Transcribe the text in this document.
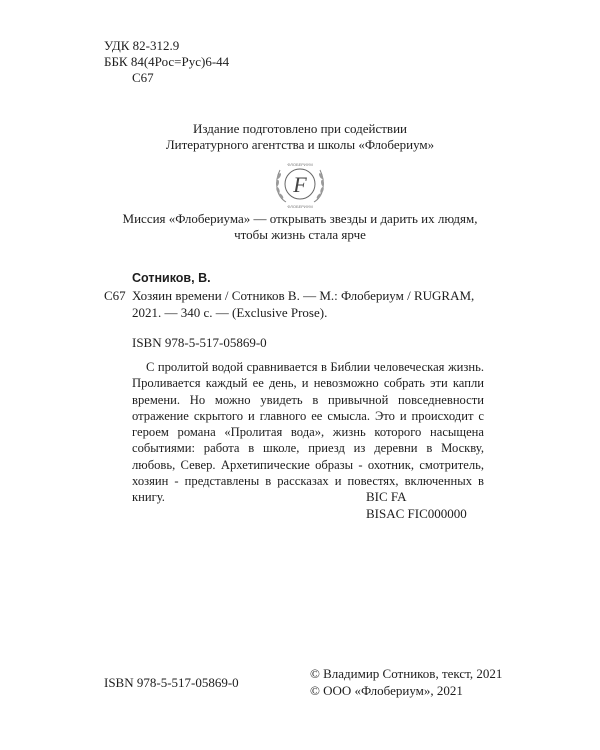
УДК 82-312.9
ББК 84(4Рос=Рус)6-44
С67
Издание подготовлено при содействии
Литературного агентства и школы «Флобериум»
F
ФЛОБЕРИУМ
ФЛОБЕРИУМ
Миссия «Флобериума» — открывать звезды и дарить их людям,
чтобы жизнь стала ярче
Сотников, В.
С67 Хозяин времени / Сотников В. — М.: Флобериум / RUGRAM,
2021. — 340 с. — (Exclusive Prose).
ISBN 978-5-517-05869-0
С пролитой водой сравнивается в Библии человеческая жизнь. Проливается каждый ее день, и невозможно собрать эти капли времени. Но можно увидеть в привычной повседневности отражение скрытого и главного ее смысла. Это и происходит с героем романа «Пролитая вода», жизнь которого насыщена событиями: работа в школе, приезд из деревни в Москву, любовь, Север. Архетипические образы - охотник, смотритель, хозяин - представлены в рассказах и повестях, включенных в книгу.	BIC FA
BISAC FIC000000
ISBN 978-5-517-05869-0
© Владимир Сотников, текст, 2021
© ООО «Флобериум», 2021
